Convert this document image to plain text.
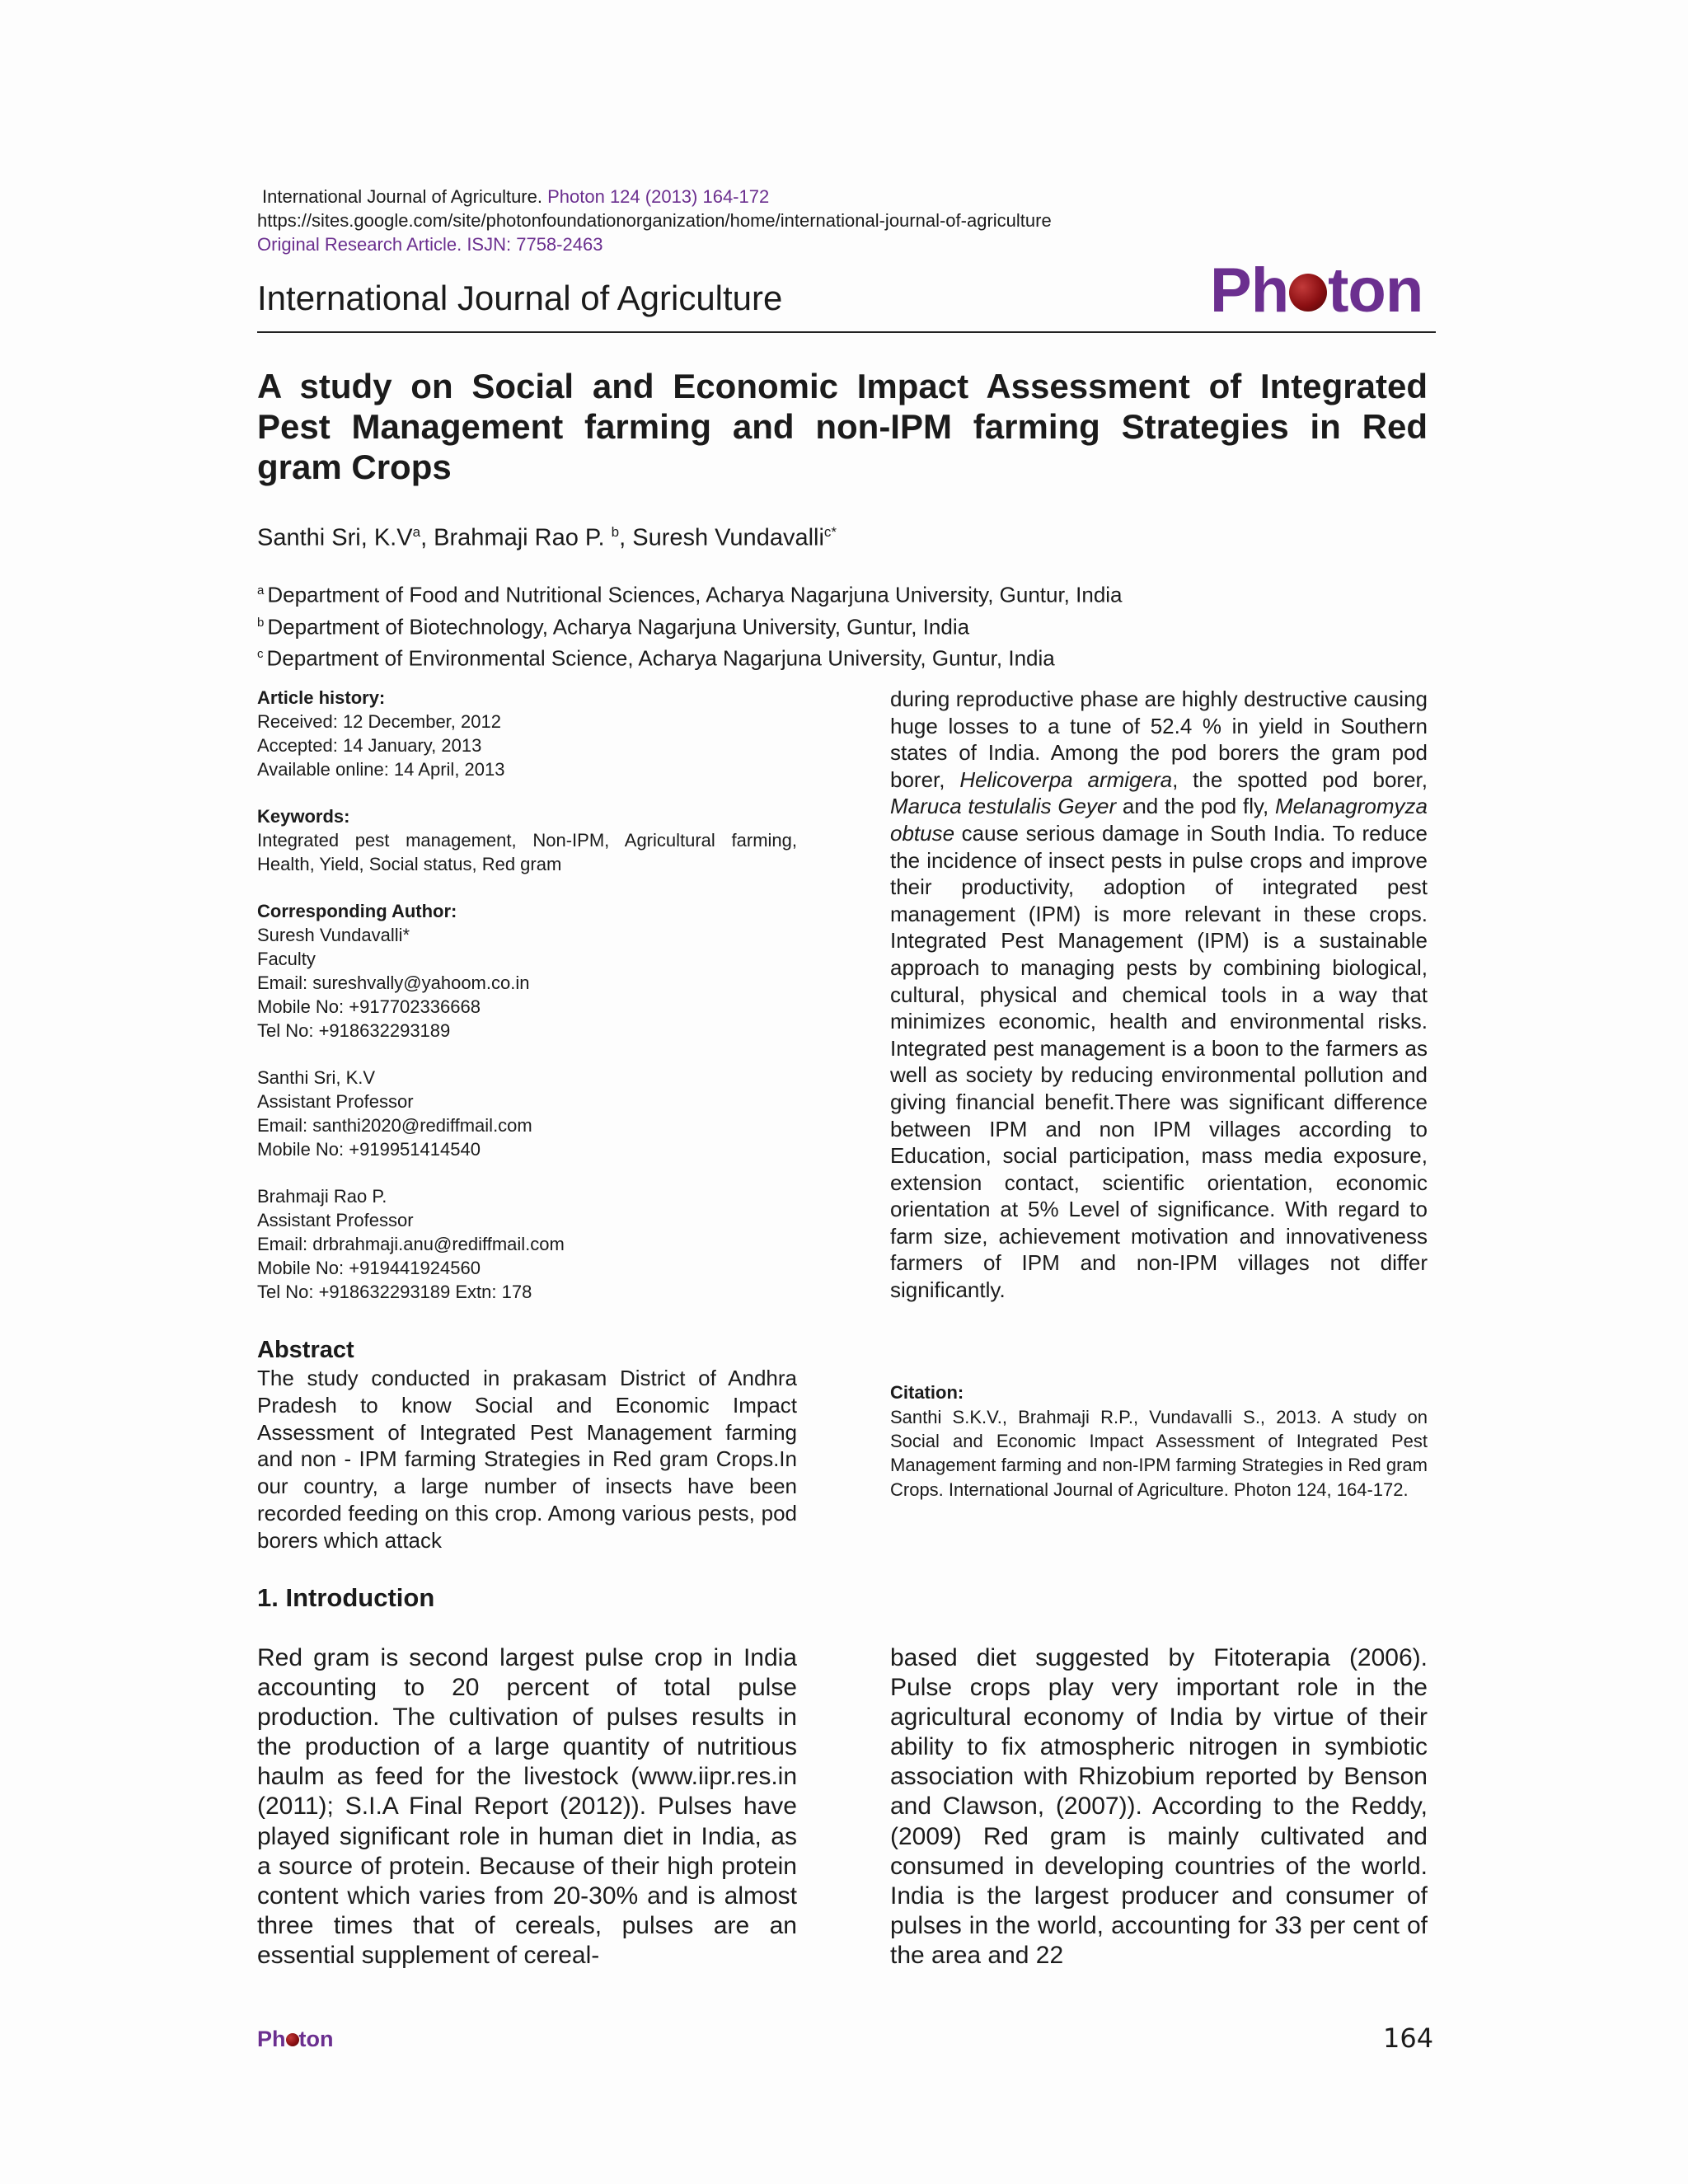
International Journal of Agriculture. Photon 124 (2013) 164-172
https://sites.google.com/site/photonfoundationorganization/home/international-journal-of-agriculture
Original Research Article. ISJN: 7758-2463
International Journal of Agriculture	Ph ton
A study on Social and Economic Impact Assessment of Integrated Pest Management farming and non-IPM farming Strategies in Red gram Crops
Santhi Sri, $K.V^a$, Brahmaji Rao P. $^b$, Suresh Vundavalli$^{c*}$
$^a$ Department of Food and Nutritional Sciences, Acharya Nagarjuna University, Guntur, India
$^b$ Department of Biotechnology, Acharya Nagarjuna University, Guntur, India
$^c$ Department of Environmental Science, Acharya Nagarjuna University, Guntur, India

Article history:

Received: 12 December, 2012

Accepted: 14 January, 2013

Available online: 14 April, 2013

Keywords:

Integrated pest management, Non-IPM, Agricultural farming, Health, Yield, Social status, Red gram

Corresponding Author:

Suresh Vundavalli*

Faculty

Email: sureshvally@yahoom.co.in

Mobile No: +917702336668

Tel No: +918632293189

Santhi Sri, K.V

Assistant Professor

Email: santhi2020@rediffmail.com

Mobile No: +919951414540

Brahmaji Rao P.

Assistant Professor

Email: drbrahmaji.anu@rediffmail.com

Mobile No: +919441924560

Tel No: +918632293189 Extn: 178

Abstract
The study conducted in prakasam District of Andhra Pradesh to know Social and Economic Impact Assessment of Integrated Pest Management farming and non - IPM farming Strategies in Red gram Crops.In our country, a large number of insects have been recorded feeding on this crop. Among various pests, pod borers which attack
during reproductive phase are highly destructive causing huge losses to a tune of 52.4 % in yield in Southern states of India. Among the pod borers the gram pod borer, Helicoverpa armigera, the spotted pod borer, Maruca testulalis Geyer and the pod fly, Melanagromyza obtuse cause serious damage in South India. To reduce the incidence of insect pests in pulse crops and improve their productivity, adoption of integrated pest management (IPM) is more relevant in these crops. Integrated Pest Management (IPM) is a sustainable approach to managing pests by combining biological, cultural, physical and chemical tools in a way that minimizes economic, health and environmental risks. Integrated pest management is a boon to the farmers as well as society by reducing environmental pollution and giving financial benefit.There was significant difference between IPM and non IPM villages according to Education, social participation, mass media exposure, extension contact, scientific orientation, economic orientation at 5% Level of significance. With regard to farm size, achievement motivation and innovativeness farmers of IPM and non-IPM villages not differ significantly.
Citation:
Santhi S.K.V., Brahmaji R.P., Vundavalli S., 2013. A study on Social and Economic Impact Assessment of Integrated Pest Management farming and non-IPM farming Strategies in Red gram Crops. International Journal of Agriculture. Photon 124, 164-172.
1. Introduction
Red gram is second largest pulse crop in India accounting to 20 percent of total pulse production. The cultivation of pulses results in the production of a large quantity of nutritious haulm as feed for the livestock (www.iipr.res.in (2011); S.I.A Final Report (2012)). Pulses have played significant role in human diet in India, as a source of protein. Because of their high protein content which varies from 20-30% and is almost three times that of cereals, pulses are an essential supplement of cereal-
based diet suggested by Fitoterapia (2006). Pulse crops play very important role in the agricultural economy of India by virtue of their ability to fix atmospheric nitrogen in symbiotic association with Rhizobium reported by Benson and Clawson, (2007)). According to the Reddy, (2009) Red gram is mainly cultivated and consumed in developing countries of the world. India is the largest producer and consumer of pulses in the world, accounting for 33 per cent of the area and 22
Ph ton	164
